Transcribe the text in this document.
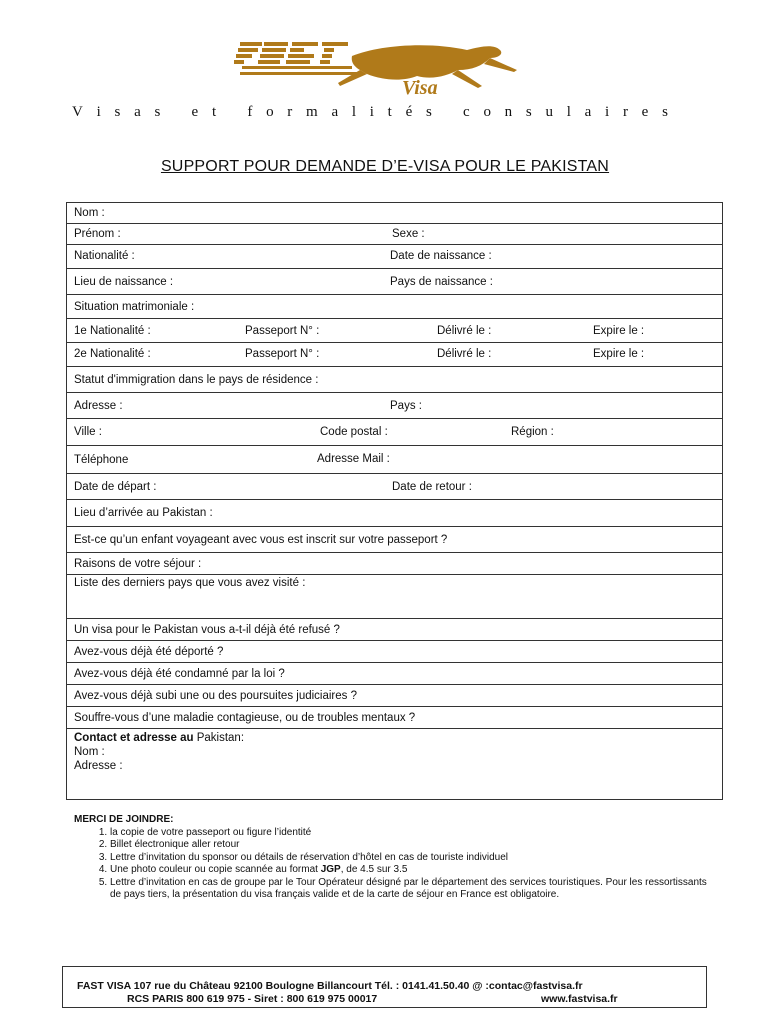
Visa
V i s a s
e t
f o r m a l i t é s
c o n s u l a i r e s
SUPPORT POUR DEMANDE D’E-VISA POUR LE PAKISTAN
Nom :
Prénom :	Sexe :
Nationalité :	Date de naissance :
Lieu de naissance :	Pays de naissance :
Situation matrimoniale :
1e Nationalité :	Passeport N° :	Délivré le :	Expire le :
2e Nationalité :	Passeport N° :	Délivré le :	Expire le :
Statut d'immigration dans le pays de résidence :
Adresse :	Pays :
Ville :	Code postal :	Région :
Téléphone	Adresse Mail :
Date de départ :	Date de retour :
Lieu d’arrivée au Pakistan :
Est-ce qu’un enfant voyageant avec vous est inscrit sur votre passeport ?
Raisons de votre séjour :
Liste des derniers pays que vous avez visité :
Un visa pour le Pakistan vous a-t-il déjà été refusé ?
Avez-vous déjà été déporté ?
Avez-vous déjà été condamné par la loi ?
Avez-vous déjà subi une ou des poursuites judiciaires ?
Souffre-vous d’une maladie contagieuse, ou de troubles mentaux ?
Contact et adresse au Pakistan:
Nom :
Adresse :
MERCI DE JOINDRE:
1. la copie de votre passeport ou figure l’identité
2. Billet électronique aller retour
3. Lettre d’invitation du sponsor ou détails de réservation d’hôtel en cas de touriste individuel
4. Une photo couleur ou copie scannée au format JGP, de 4.5 sur 3.5
5. Lettre d’invitation en cas de groupe par le Tour Opérateur désigné par le département des services touristiques. Pour les ressortissants de pays tiers, la présentation du visa français valide et de la carte de séjour en France est obligatoire.
FAST VISA 107 rue du Château 92100 Boulogne Billancourt Tél. : 0141.41.50.40 @ :contac@fastvisa.fr
RCS PARIS 800 619 975 - Siret : 800 619 975 00017	www.fastvisa.fr
